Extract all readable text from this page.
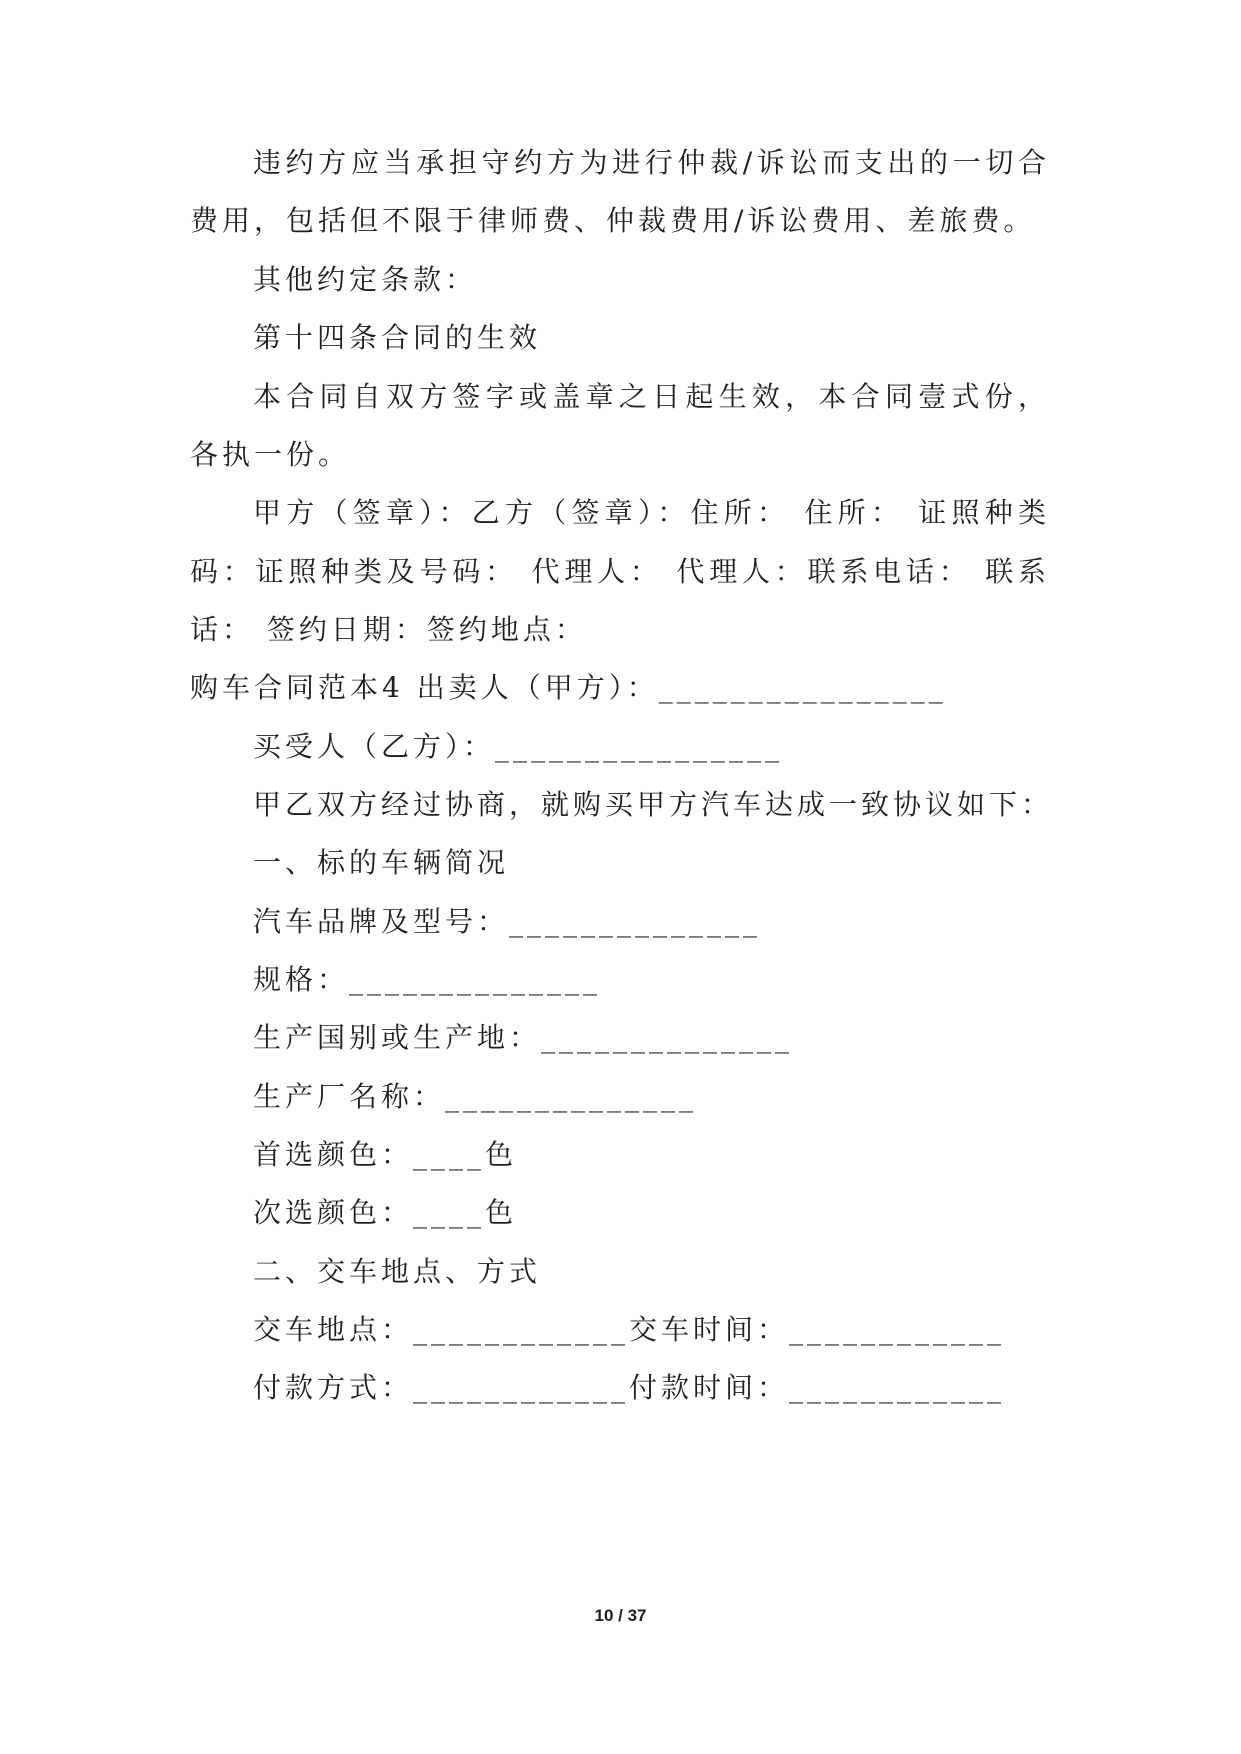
违约方应当承担守约方为进行仲裁/诉讼而支出的一切合
费用，包括但不限于律师费、仲裁费用/诉讼费用、差旅费。
其他约定条款：
第十四条合同的生效
本合同自双方签字或盖章之日起生效，本合同壹式份，
各执一份。
甲方（签章）：乙方（签章）：住所： 住所： 证照种类
码：证照种类及号码： 代理人： 代理人：联系电话： 联系
话： 签约日期：签约地点：
购车合同范本4 出卖人（甲方）：________________
买受人（乙方）：________________
甲乙双方经过协商，就购买甲方汽车达成一致协议如下：
一、标的车辆简况
汽车品牌及型号：______________
规格：______________
生产国别或生产地：______________
生产厂名称：______________
首选颜色：____色
次选颜色：____色
二、交车地点、方式
交车地点：____________交车时间：____________
付款方式：____________付款时间：____________
10 / 37
